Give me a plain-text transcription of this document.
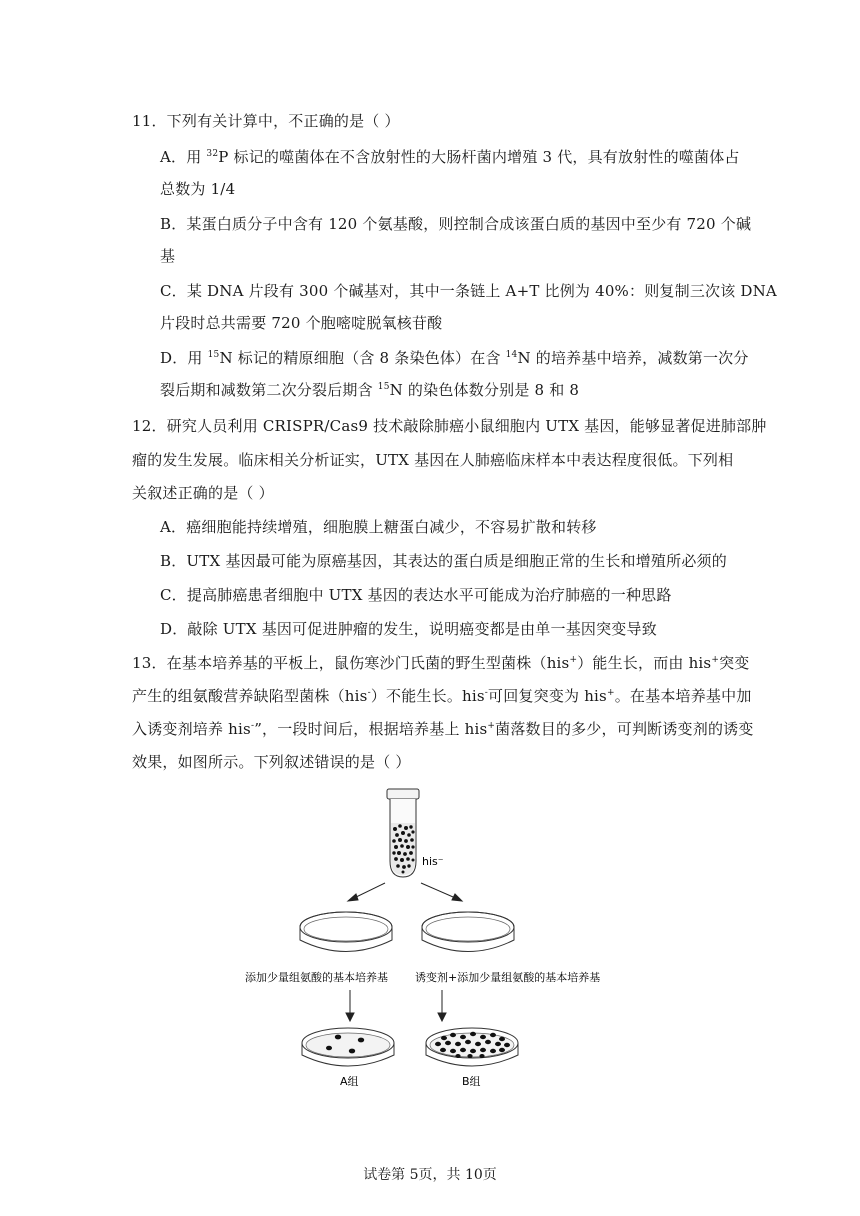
11．下列有关计算中，不正确的是（ ）
A．用 $^{32}$P 标记的噬菌体在不含放射性的大肠杆菌内增殖 3 代，具有放射性的噬菌体占
总数为 1/4
B．某蛋白质分子中含有 120 个氨基酸，则控制合成该蛋白质的基因中至少有 720 个碱
基
C．某 DNA 片段有 300 个碱基对，其中一条链上 A+T 比例为 40%：则复制三次该 DNA
片段时总共需要 720 个胞嘧啶脱氧核苷酸
D．用 $^{15}$N 标记的精原细胞（含 8 条染色体）在含 $^{14}$N 的培养基中培养，减数第一次分
裂后期和减数第二次分裂后期含 $^{15}$N 的染色体数分别是 8 和 8
12．研究人员利用 CRISPR/Cas9 技术敲除肺癌小鼠细胞内 UTX 基因，能够显著促进肺部肿
瘤的发生发展。临床相关分析证实，UTX 基因在人肺癌临床样本中表达程度很低。下列相
关叙述正确的是（ ）
A．癌细胞能持续增殖，细胞膜上糖蛋白减少，不容易扩散和转移
B．UTX 基因最可能为原癌基因，其表达的蛋白质是细胞正常的生长和增殖所必须的
C．提高肺癌患者细胞中 UTX 基因的表达水平可能成为治疗肺癌的一种思路
D．敲除 UTX 基因可促进肿瘤的发生，说明癌变都是由单一基因突变导致
13．在基本培养基的平板上，鼠伤寒沙门氏菌的野生型菌株（his+）能生长，而由 his+突变
产生的组氨酸营养缺陷型菌株（his-）不能生长。his-可回复突变为 his+。在基本培养基中加
入诱变剂培养 his-”，一段时间后，根据培养基上 his+菌落数目的多少，可判断诱变剂的诱变
效果，如图所示。下列叙述错误的是（ ）
his⁻
添加少量组氨酸的基本培养基 诱变剂+添加少量组氨酸的基本培养基
A组	B组
试卷第 5页，共 10页
